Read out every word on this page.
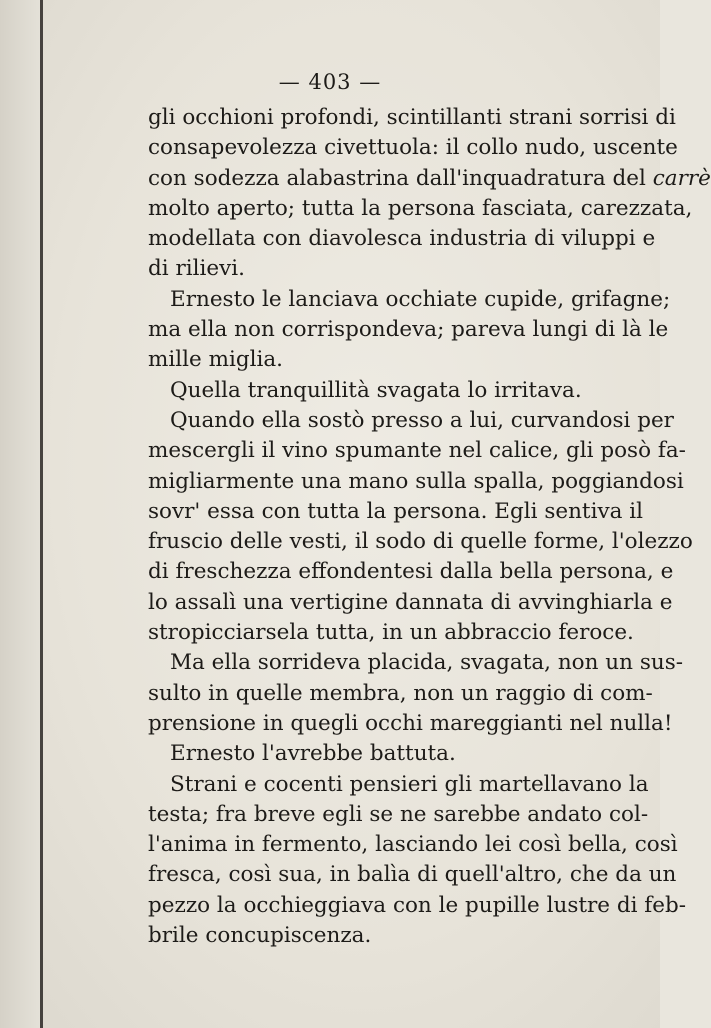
— 403 —
gli occhioni profondi, scintillanti strani sorrisi di
consapevolezza civettuola: il collo nudo, uscente
con sodezza alabastrina dall'inquadratura del carrè
molto aperto; tutta la persona fasciata, carezzata,
modellata con diavolesca industria di viluppi e
di rilievi.
Ernesto le lanciava occhiate cupide, grifagne;
ma ella non corrispondeva; pareva lungi di là le
mille miglia.
Quella tranquillità svagata lo irritava.
Quando ella sostò presso a lui, curvandosi per
mescergli il vino spumante nel calice, gli posò fa-
migliarmente una mano sulla spalla, poggiandosi
sovr' essa con tutta la persona. Egli sentiva il
fruscio delle vesti, il sodo di quelle forme, l'olezzo
di freschezza effondentesi dalla bella persona, e
lo assalì una vertigine dannata di avvinghiarla e
stropicciarsela tutta, in un abbraccio feroce.
Ma ella sorrideva placida, svagata, non un sus-
sulto in quelle membra, non un raggio di com-
prensione in quegli occhi mareggianti nel nulla!
Ernesto l'avrebbe battuta.
Strani e cocenti pensieri gli martellavano la
testa; fra breve egli se ne sarebbe andato col-
l'anima in fermento, lasciando lei così bella, così
fresca, così sua, in balìa di quell'altro, che da un
pezzo la occhieggiava con le pupille lustre di feb-
brile concupiscenza.
